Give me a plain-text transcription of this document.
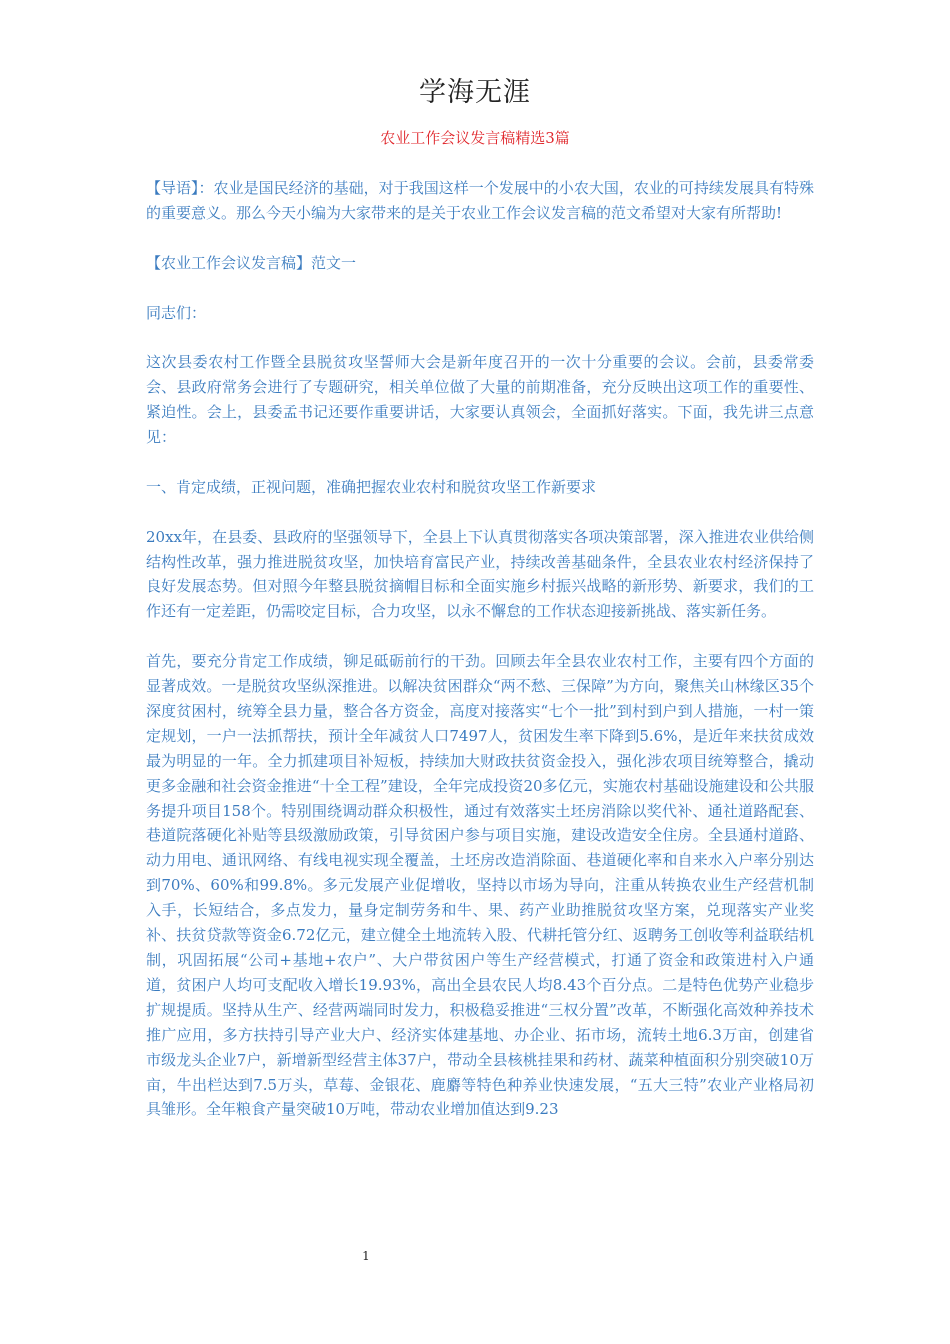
学海无涯
农业工作会议发言稿精选3篇

【导语】：农业是国民经济的基础，对于我国这样一个发展中的小农大国，农业的可持续发展具有特殊的重要意义。那么今天小编为大家带来的是关于农业工作会议发言稿的范文希望对大家有所帮助!

【农业工作会议发言稿】范文一

同志们：

这次县委农村工作暨全县脱贫攻坚誓师大会是新年度召开的一次十分重要的会议。会前，县委常委会、县政府常务会进行了专题研究，相关单位做了大量的前期准备，充分反映出这项工作的重要性、紧迫性。会上，县委孟书记还要作重要讲话，大家要认真领会，全面抓好落实。下面，我先讲三点意见：

一、肯定成绩，正视问题，准确把握农业农村和脱贫攻坚工作新要求

20xx年，在县委、县政府的坚强领导下，全县上下认真贯彻落实各项决策部署，深入推进农业供给侧结构性改革，强力推进脱贫攻坚，加快培育富民产业，持续改善基础条件，全县农业农村经济保持了良好发展态势。但对照今年整县脱贫摘帽目标和全面实施乡村振兴战略的新形势、新要求，我们的工作还有一定差距，仍需咬定目标，合力攻坚，以永不懈怠的工作状态迎接新挑战、落实新任务。

首先，要充分肯定工作成绩，铆足砥砺前行的干劲。回顾去年全县农业农村工作，主要有四个方面的显著成效。一是脱贫攻坚纵深推进。以解决贫困群众“两不愁、三保障”为方向，聚焦关山林缘区35个深度贫困村，统筹全县力量，整合各方资金，高度对接落实“七个一批”到村到户到人措施，一村一策定规划，一户一法抓帮扶，预计全年减贫人口7497人，贫困发生率下降到5.6%，是近年来扶贫成效最为明显的一年。全力抓建项目补短板，持续加大财政扶贫资金投入，强化涉农项目统筹整合，撬动更多金融和社会资金推进“十全工程”建设，全年完成投资20多亿元，实施农村基础设施建设和公共服务提升项目158个。特别围绕调动群众积极性，通过有效落实土坯房消除以奖代补、通社道路配套、巷道院落硬化补贴等县级激励政策，引导贫困户参与项目实施，建设改造安全住房。全县通村道路、动力用电、通讯网络、有线电视实现全覆盖，土坯房改造消除面、巷道硬化率和自来水入户率分别达到70%、60%和99.8%。多元发展产业促增收，坚持以市场为导向，注重从转换农业生产经营机制入手，长短结合，多点发力，量身定制劳务和牛、果、药产业助推脱贫攻坚方案，兑现落实产业奖补、扶贫贷款等资金6.72亿元，建立健全土地流转入股、代耕托管分红、返聘务工创收等利益联结机制，巩固拓展“公司+基地+农户”、大户带贫困户等生产经营模式，打通了资金和政策进村入户通道，贫困户人均可支配收入增长19.93%，高出全县农民人均8.43个百分点。二是特色优势产业稳步扩规提质。坚持从生产、经营两端同时发力，积极稳妥推进“三权分置”改革，不断强化高效种养技术推广应用，多方扶持引导产业大户、经济实体建基地、办企业、拓市场，流转土地6.3万亩，创建省市级龙头企业7户，新增新型经营主体37户，带动全县核桃挂果和药材、蔬菜种植面积分别突破10万亩，牛出栏达到7.5万头，草莓、金银花、鹿麝等特色种养业快速发展，“五大三特”农业产业格局初具雏形。全年粮食产量突破10万吨，带动农业增加值达到9.23

1
